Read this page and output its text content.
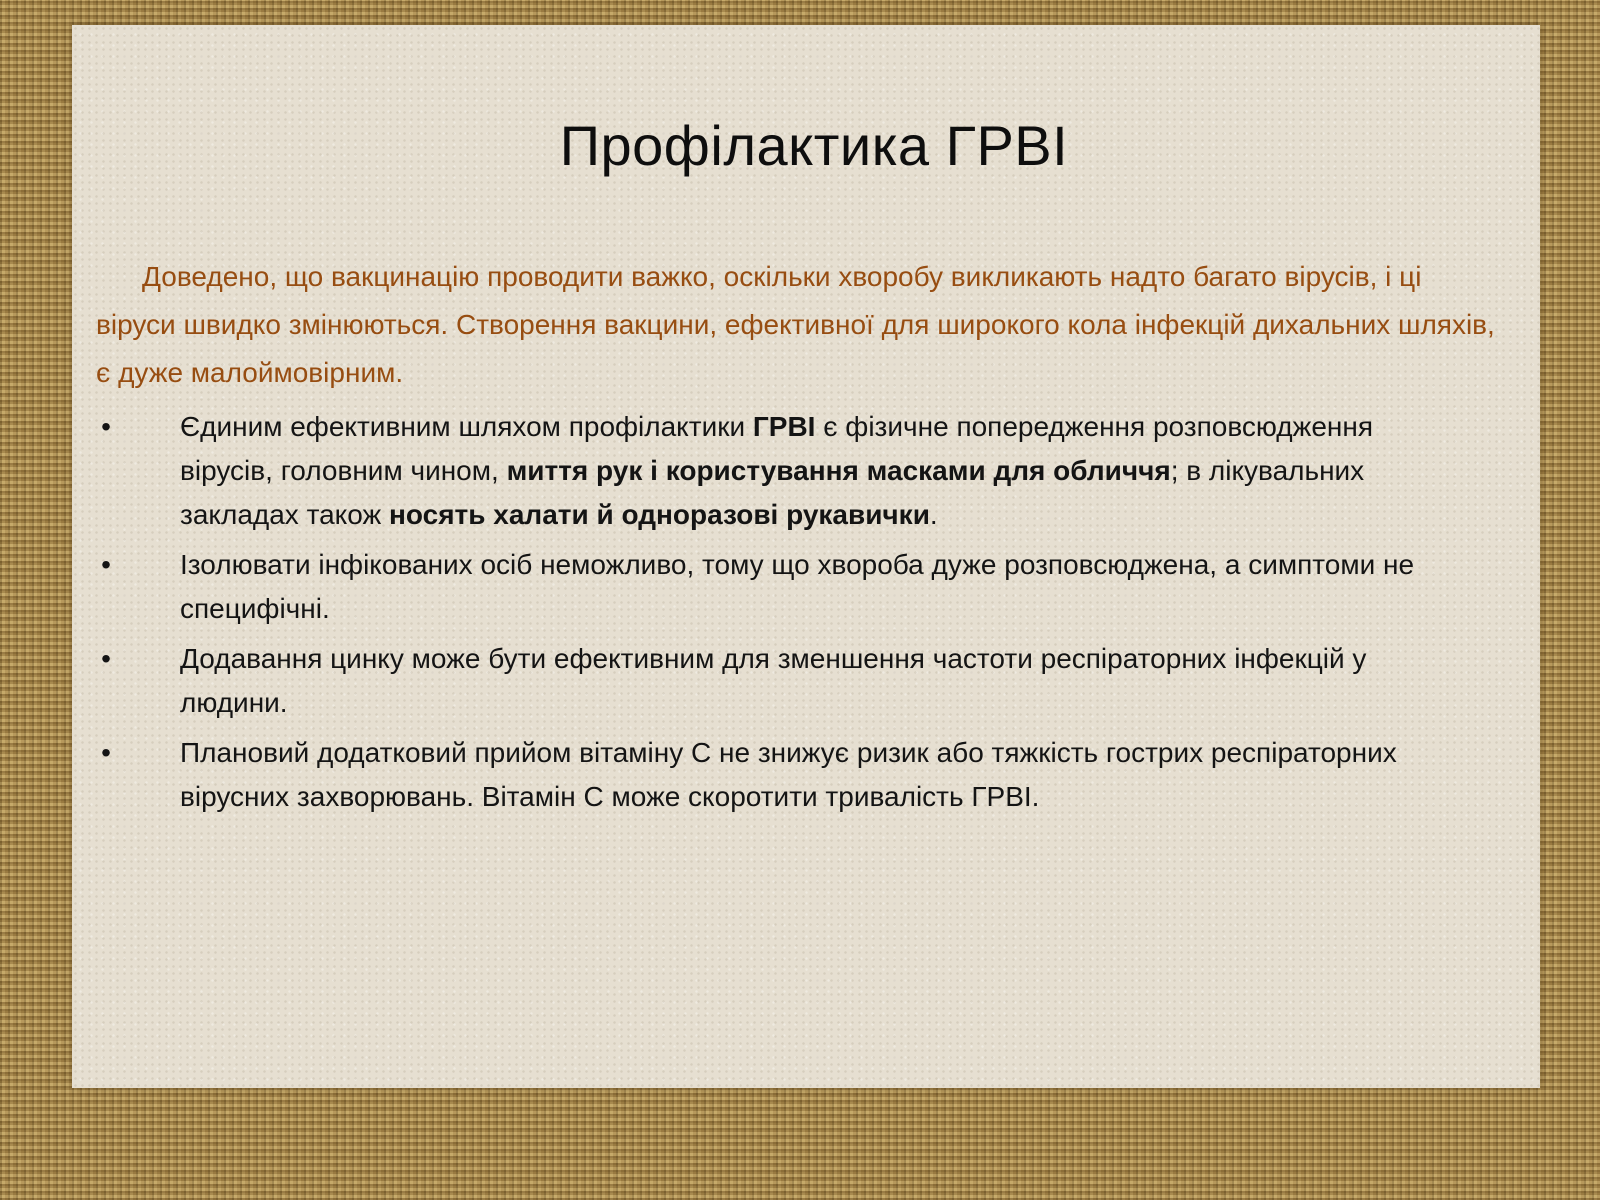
Профілактика ГРВІ

Доведено, що вакцинацію проводити важко, оскільки хворобу викликають надто багато вірусів, і ці віруси швидко змінюються. Створення вакцини, ефективної для широкого кола інфекцій дихальних шляхів, є дуже малоймовірним.

• Єдиним ефективним шляхом профілактики ГРВІ є фізичне попередження розповсюдження вірусів, головним чином, миття рук і користування масками для обличчя; в лікувальних закладах також носять халати й одноразові рукавички.
• Ізолювати інфікованих осіб неможливо, тому що хвороба дуже розповсюджена, а симптоми не специфічні.
• Додавання цинку може бути ефективним для зменшення частоти респіраторних інфекцій у людини.
• Плановий додатковий прийом вітаміну С не знижує ризик або тяжкість гострих респіраторних вірусних захворювань. Вітамін С може скоротити тривалість ГРВІ.
